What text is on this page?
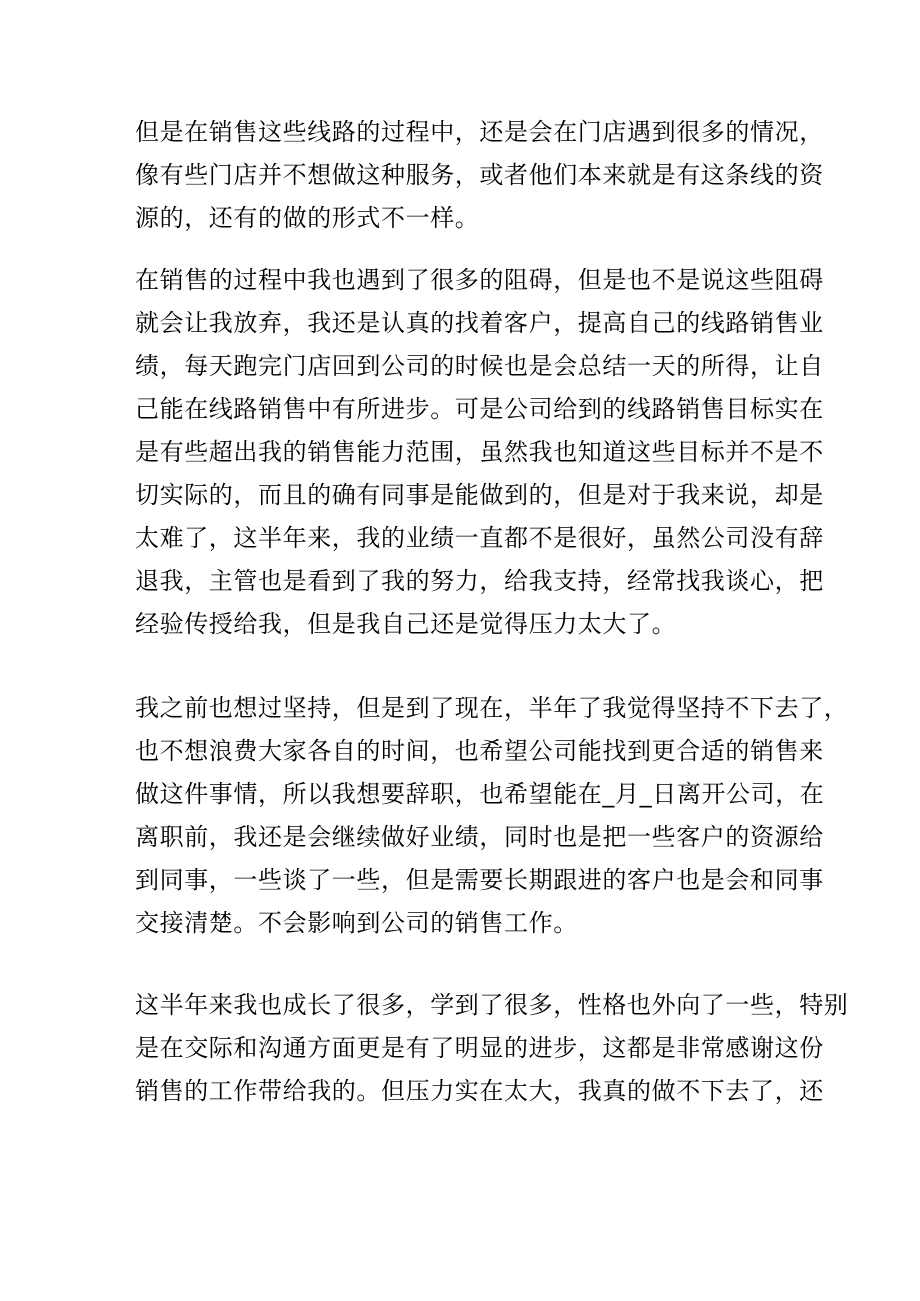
但是在销售这些线路的过程中，还是会在门店遇到很多的情况，
像有些门店并不想做这种服务，或者他们本来就是有这条线的资
源的，还有的做的形式不一样。
在销售的过程中我也遇到了很多的阻碍，但是也不是说这些阻碍
就会让我放弃，我还是认真的找着客户，提高自己的线路销售业
绩，每天跑完门店回到公司的时候也是会总结一天的所得，让自
己能在线路销售中有所进步。可是公司给到的线路销售目标实在
是有些超出我的销售能力范围，虽然我也知道这些目标并不是不
切实际的，而且的确有同事是能做到的，但是对于我来说，却是
太难了，这半年来，我的业绩一直都不是很好，虽然公司没有辞
退我，主管也是看到了我的努力，给我支持，经常找我谈心，把
经验传授给我，但是我自己还是觉得压力太大了。
我之前也想过坚持，但是到了现在，半年了我觉得坚持不下去了，
也不想浪费大家各自的时间，也希望公司能找到更合适的销售来
做这件事情，所以我想要辞职，也希望能在_月_日离开公司，在
离职前，我还是会继续做好业绩，同时也是把一些客户的资源给
到同事，一些谈了一些，但是需要长期跟进的客户也是会和同事
交接清楚。不会影响到公司的销售工作。
这半年来我也成长了很多，学到了很多，性格也外向了一些，特别
是在交际和沟通方面更是有了明显的进步，这都是非常感谢这份
销售的工作带给我的。但压力实在太大，我真的做不下去了，还
